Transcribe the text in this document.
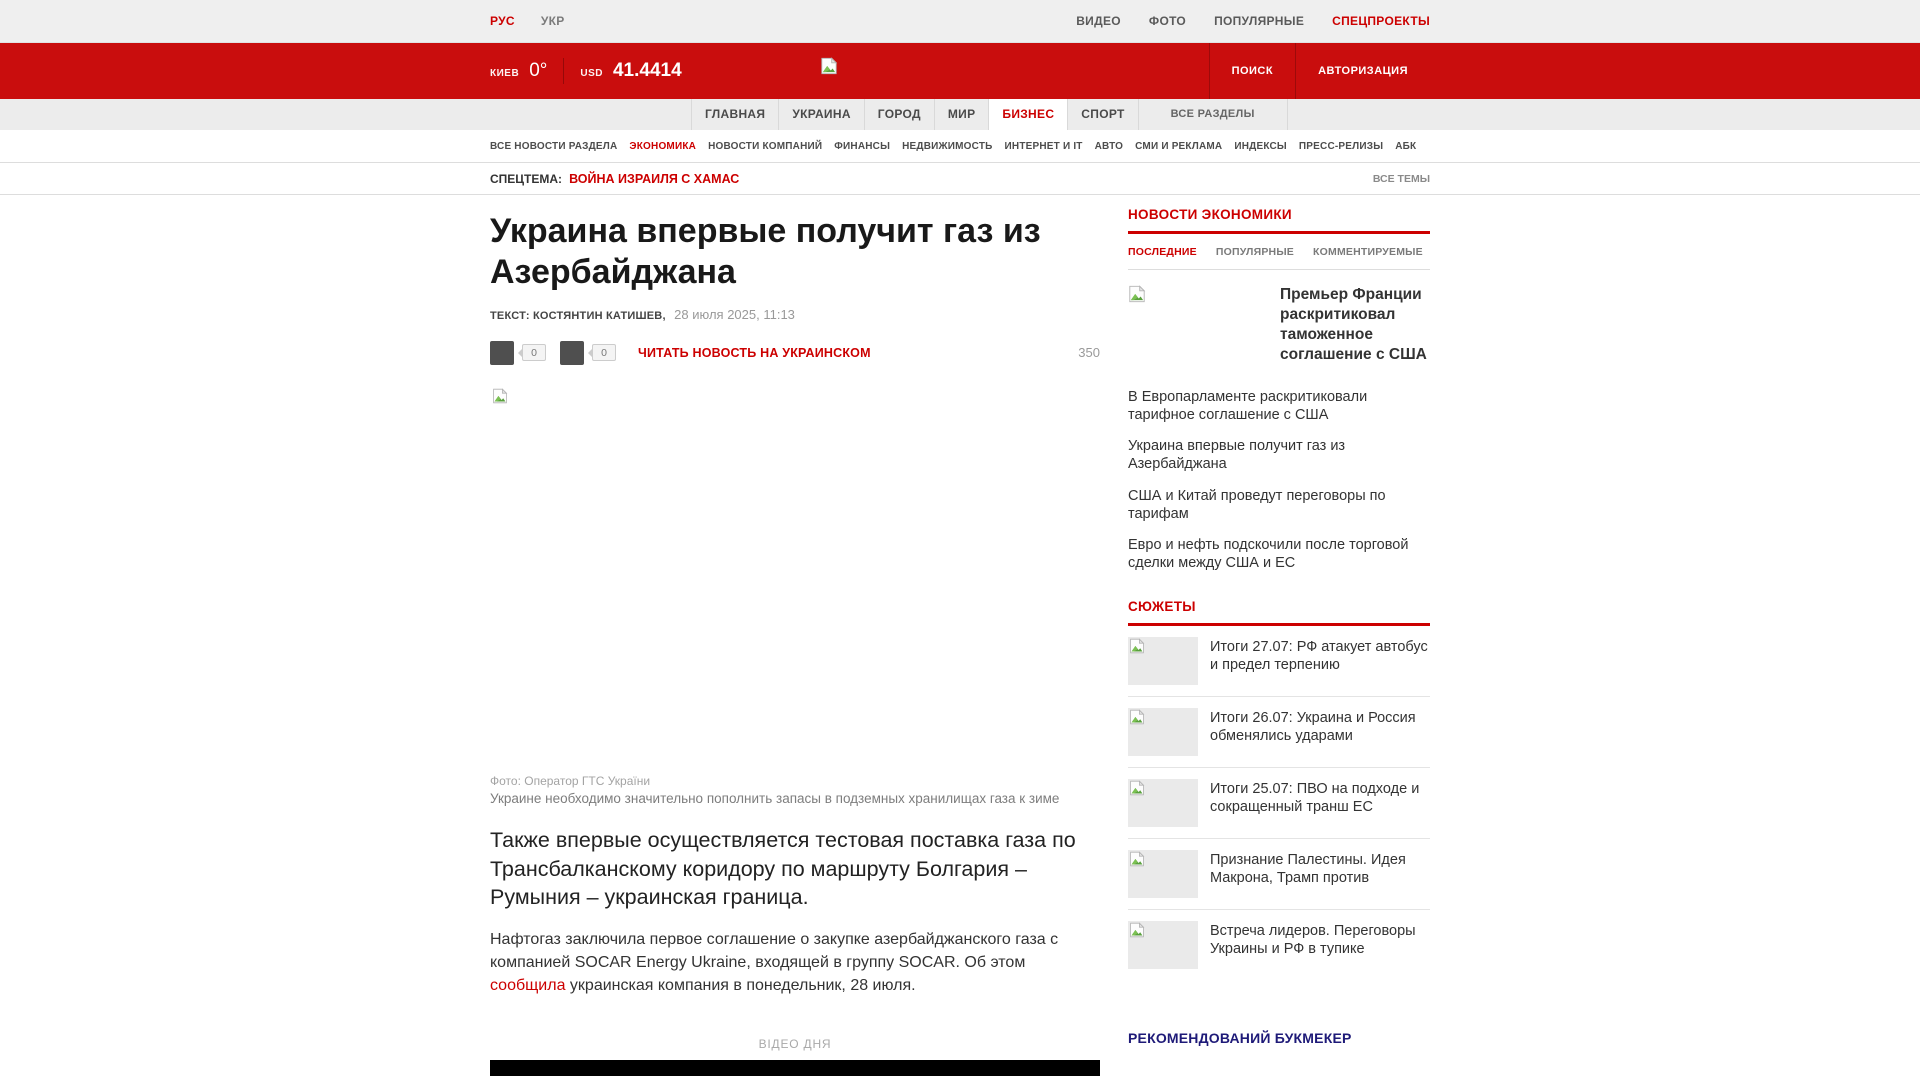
РУС УКР	ВИДЕО ФОТО ПОПУЛЯРНЫЕ СПЕЦПРОЕКТЫ
КИЕВ 0°	USD 41.4414	ПОИСК	АВТОРИЗАЦИЯ
ГЛАВНАЯ	УКРАИНА	ГОРОД	МИР	БИЗНЕС	СПОРТ	ВСЕ РАЗДЕЛЫ
ВСЕ НОВОСТИ РАЗДЕЛА ЭКОНОМИКА НОВОСТИ КОМПАНИЙ ФИНАНСЫ НЕДВИЖИМОСТЬ ИНТЕРНЕТ И IT АВТО СМИ И РЕКЛАМА ИНДЕКСЫ ПРЕСС-РЕЛИЗЫ АБК
СПЕЦТЕМА: ВОЙНА ИЗРАИЛЯ С ХАМАС	ВСЕ ТЕМЫ
Украина впервые получит газ из Азербайджана
ТЕКСТ: КОСТЯНТИН КАТИШЕВ, 28 июля 2025, 11:13
0	0	ЧИТАТЬ НОВОСТЬ НА УКРАИНСКОМ	350
Фото: Оператор ГТС України
Украине необходимо значительно пополнить запасы в подземных хранилищах газа к зиме

Также впервые осуществляется тестовая поставка газа по Трансбалканскому коридору по маршруту Болгария – Румыния – украинская граница.

Нафтогаз заключила первое соглашение о закупке азербайджанского газа с компанией SOCAR Energy Ukraine, входящей в группу SOCAR. Об этом сообщила украинская компания в понедельник, 28 июля.

ВІДЕО ДНЯ
НОВОСТИ ЭКОНОМИКИ
ПОСЛЕДНИЕ ПОПУЛЯРНЫЕ КОММЕНТИРУЕМЫЕ
Премьер Франции раскритиковал таможенное соглашение с США
В Европарламенте раскритиковали тарифное соглашение с США
Украина впервые получит газ из Азербайджана
США и Китай проведут переговоры по тарифам
Евро и нефть подскочили после торговой сделки между США и ЕС
СЮЖЕТЫ
Итоги 27.07: РФ атакует автобус и предел терпению
Итоги 26.07: Украина и Россия обменялись ударами
Итоги 25.07: ПВО на подходе и сокращенный транш ЕС
Признание Палестины. Идея Макрона, Трамп против
Встреча лидеров. Переговоры Украины и РФ в тупике
РЕКОМЕНДОВАНИЙ БУКМЕКЕР
